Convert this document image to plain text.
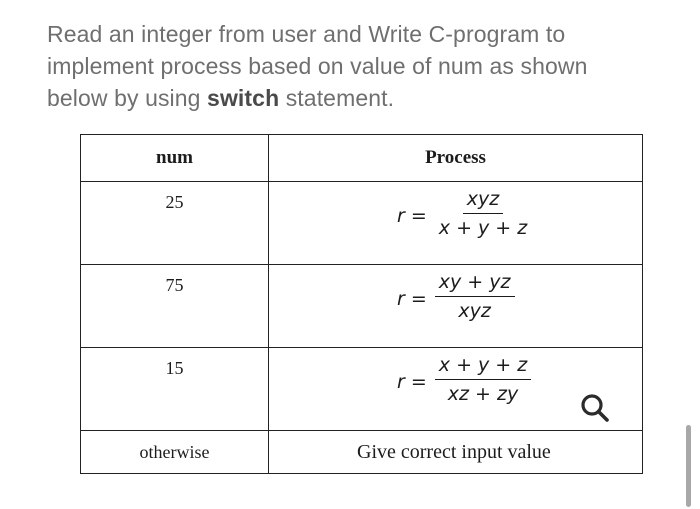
Read an integer from user and Write C-program to implement process based on value of num as shown below by using switch statement.
num	Process
25	$r = \frac{\text{xyz}}{x + y + z}$

75	$r = \frac{xy + yz}{\text{xyz}}$

15	$r = \frac{x + y + z}{xz + zy}$

otherwise	Give correct input value
